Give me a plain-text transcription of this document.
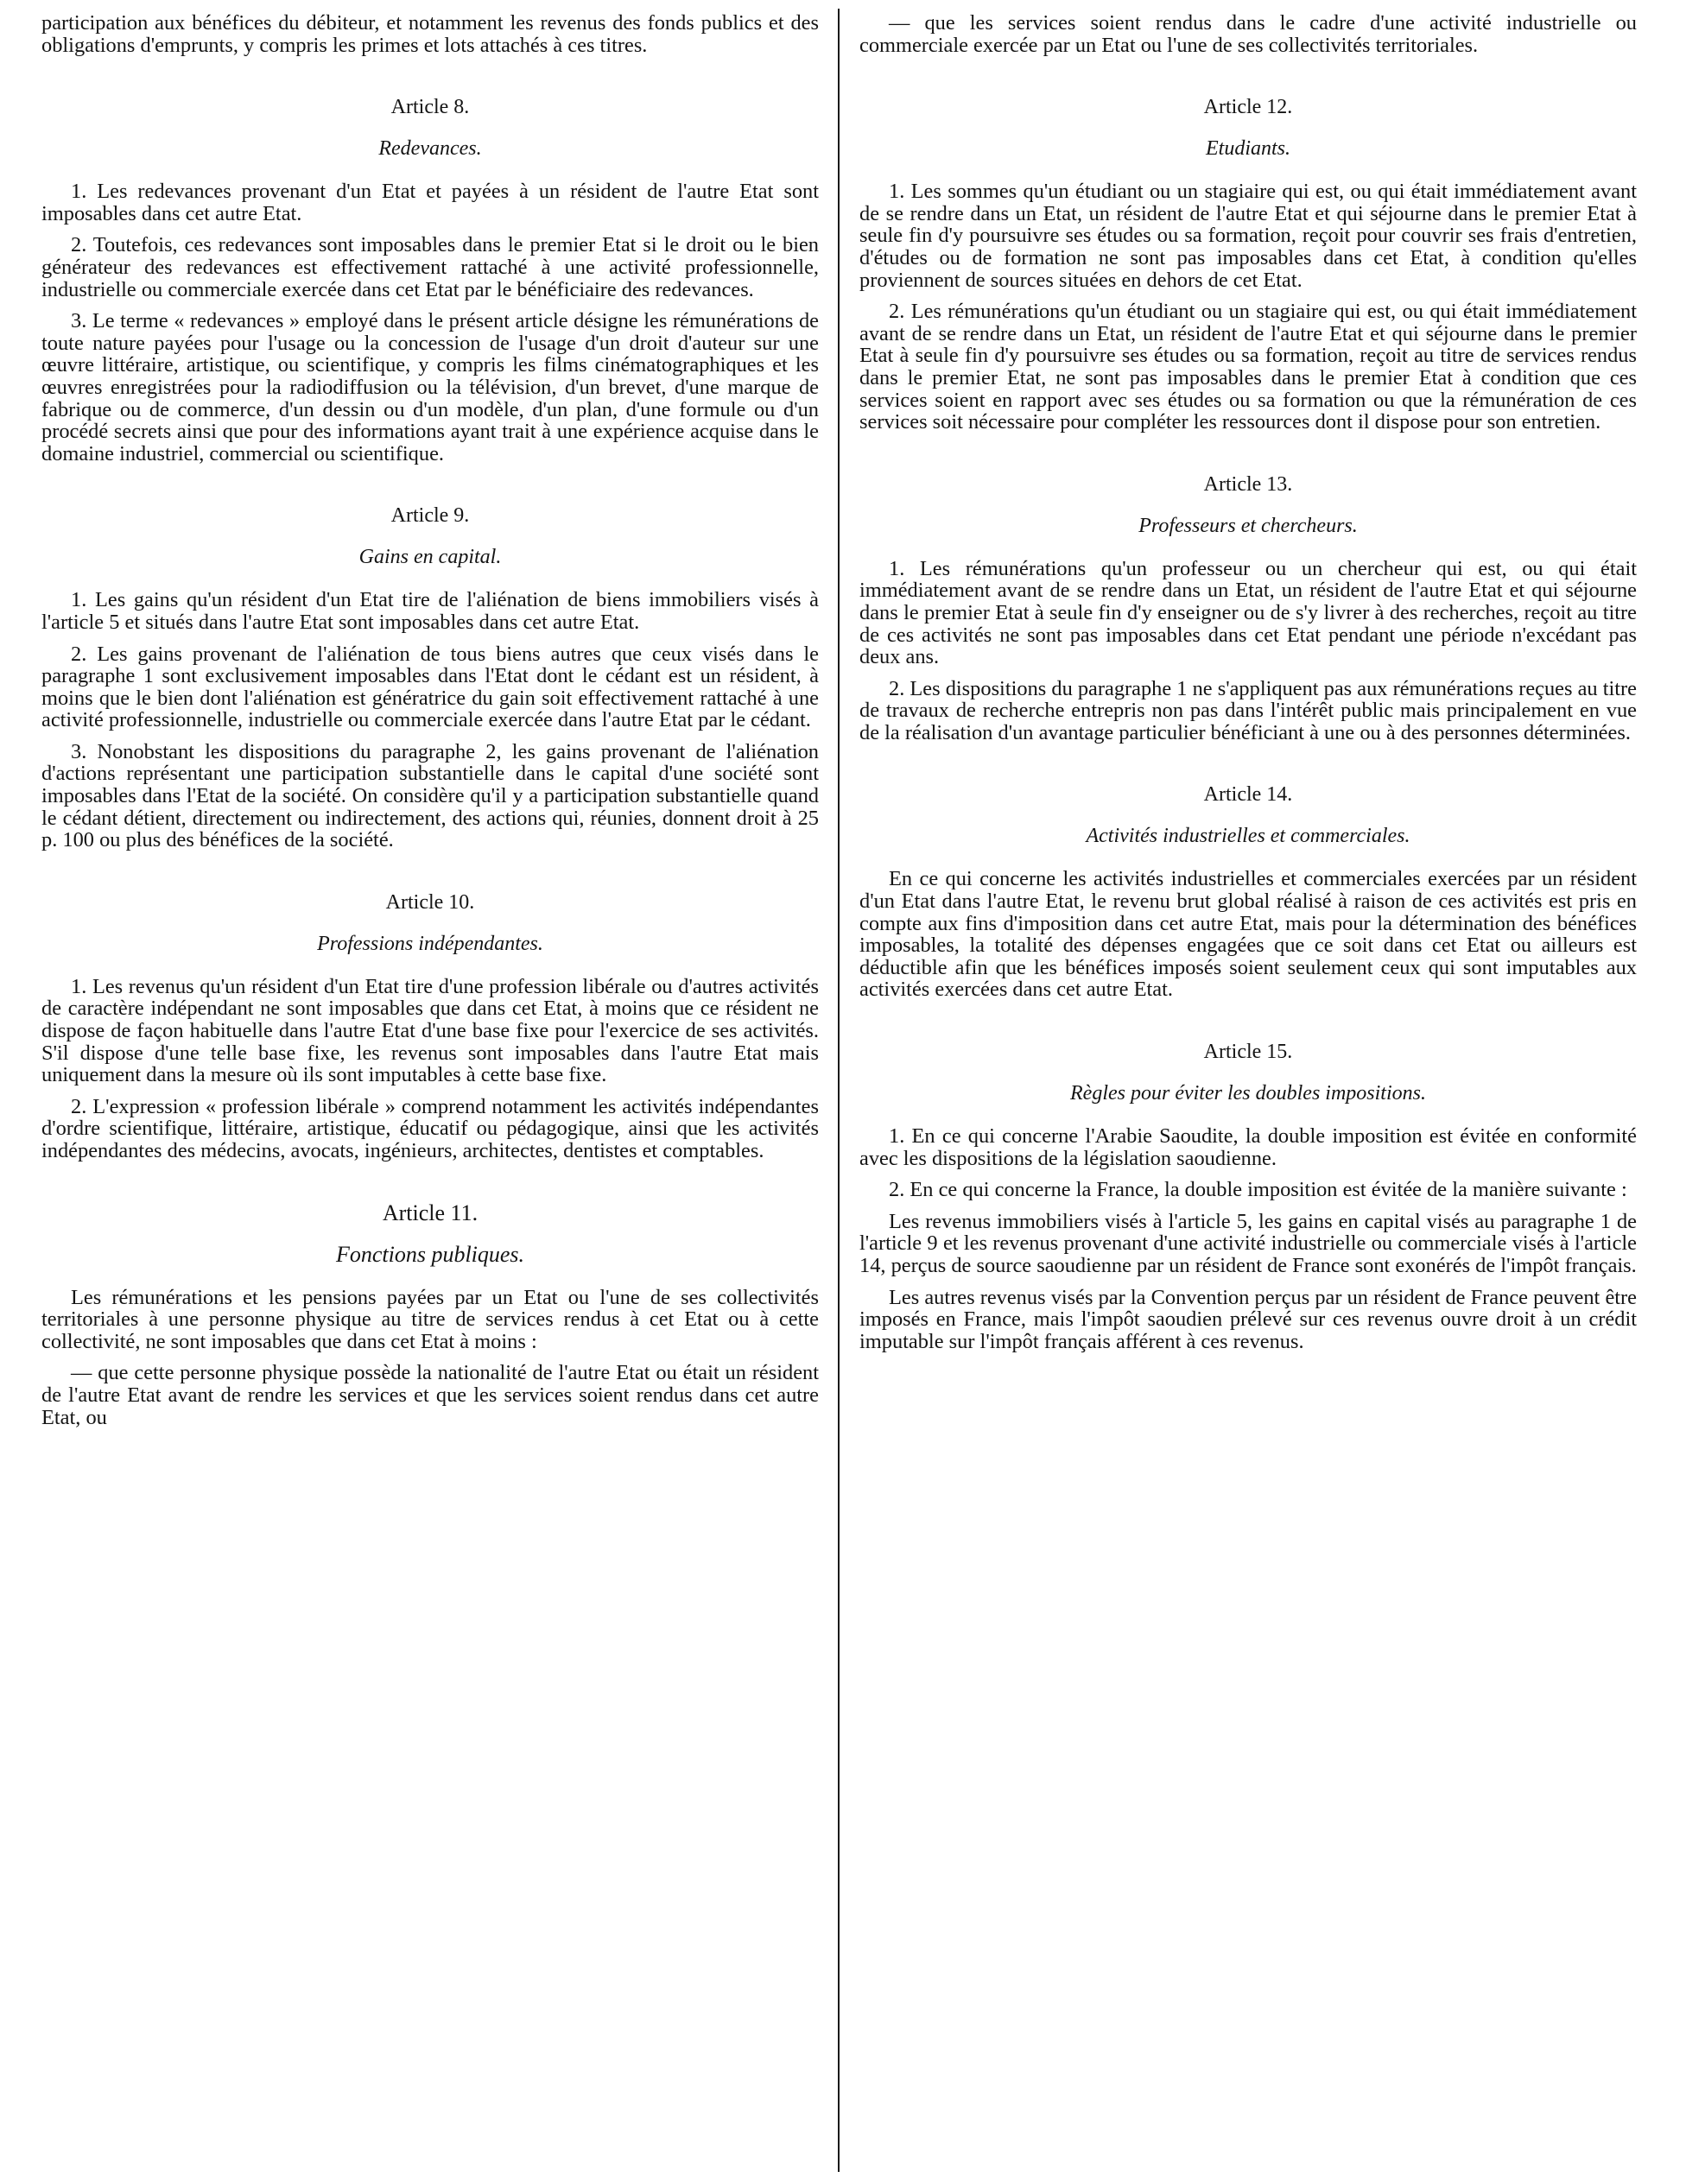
participation aux bénéfices du débiteur, et notamment les revenus des fonds publics et des obligations d'emprunts, y compris les primes et lots attachés à ces titres.

Article 8.
Redevances.

1. Les redevances provenant d'un Etat et payées à un résident de l'autre Etat sont imposables dans cet autre Etat.

2. Toutefois, ces redevances sont imposables dans le premier Etat si le droit ou le bien générateur des redevances est effectivement rattaché à une activité professionnelle, industrielle ou commerciale exercée dans cet Etat par le bénéficiaire des redevances.

3. Le terme « redevances » employé dans le présent article désigne les rémunérations de toute nature payées pour l'usage ou la concession de l'usage d'un droit d'auteur sur une œuvre littéraire, artistique, ou scientifique, y compris les films cinématographiques et les œuvres enregistrées pour la radiodiffusion ou la télévision, d'un brevet, d'une marque de fabrique ou de commerce, d'un dessin ou d'un modèle, d'un plan, d'une formule ou d'un procédé secrets ainsi que pour des informations ayant trait à une expérience acquise dans le domaine industriel, commercial ou scientifique.

Article 9.
Gains en capital.

1. Les gains qu'un résident d'un Etat tire de l'aliénation de biens immobiliers visés à l'article 5 et situés dans l'autre Etat sont imposables dans cet autre Etat.

2. Les gains provenant de l'aliénation de tous biens autres que ceux visés dans le paragraphe 1 sont exclusivement imposables dans l'Etat dont le cédant est un résident, à moins que le bien dont l'aliénation est génératrice du gain soit effectivement rattaché à une activité professionnelle, industrielle ou commerciale exercée dans l'autre Etat par le cédant.

3. Nonobstant les dispositions du paragraphe 2, les gains provenant de l'aliénation d'actions représentant une participation substantielle dans le capital d'une société sont imposables dans l'Etat de la société. On considère qu'il y a participation substantielle quand le cédant détient, directement ou indirectement, des actions qui, réunies, donnent droit à 25 p. 100 ou plus des bénéfices de la société.

Article 10.
Professions indépendantes.

1. Les revenus qu'un résident d'un Etat tire d'une profession libérale ou d'autres activités de caractère indépendant ne sont imposables que dans cet Etat, à moins que ce résident ne dispose de façon habituelle dans l'autre Etat d'une base fixe pour l'exercice de ses activités. S'il dispose d'une telle base fixe, les revenus sont imposables dans l'autre Etat mais uniquement dans la mesure où ils sont imputables à cette base fixe.

2. L'expression « profession libérale » comprend notamment les activités indépendantes d'ordre scientifique, littéraire, artistique, éducatif ou pédagogique, ainsi que les activités indépendantes des médecins, avocats, ingénieurs, architectes, dentistes et comptables.

Article 11.
Fonctions publiques.

Les rémunérations et les pensions payées par un Etat ou l'une de ses collectivités territoriales à une personne physique au titre de services rendus à cet Etat ou à cette collectivité, ne sont imposables que dans cet Etat à moins :

— que cette personne physique possède la nationalité de l'autre Etat ou était un résident de l'autre Etat avant de rendre les services et que les services soient rendus dans cet autre Etat, ou

— que les services soient rendus dans le cadre d'une activité industrielle ou commerciale exercée par un Etat ou l'une de ses collectivités territoriales.

Article 12.
Etudiants.

1. Les sommes qu'un étudiant ou un stagiaire qui est, ou qui était immédiatement avant de se rendre dans un Etat, un résident de l'autre Etat et qui séjourne dans le premier Etat à seule fin d'y poursuivre ses études ou sa formation, reçoit pour couvrir ses frais d'entretien, d'études ou de formation ne sont pas imposables dans cet Etat, à condition qu'elles proviennent de sources situées en dehors de cet Etat.

2. Les rémunérations qu'un étudiant ou un stagiaire qui est, ou qui était immédiatement avant de se rendre dans un Etat, un résident de l'autre Etat et qui séjourne dans le premier Etat à seule fin d'y poursuivre ses études ou sa formation, reçoit au titre de services rendus dans le premier Etat, ne sont pas imposables dans le premier Etat à condition que ces services soient en rapport avec ses études ou sa formation ou que la rémunération de ces services soit nécessaire pour compléter les ressources dont il dispose pour son entretien.

Article 13.
Professeurs et chercheurs.

1. Les rémunérations qu'un professeur ou un chercheur qui est, ou qui était immédiatement avant de se rendre dans un Etat, un résident de l'autre Etat et qui séjourne dans le premier Etat à seule fin d'y enseigner ou de s'y livrer à des recherches, reçoit au titre de ces activités ne sont pas imposables dans cet Etat pendant une période n'excédant pas deux ans.

2. Les dispositions du paragraphe 1 ne s'appliquent pas aux rémunérations reçues au titre de travaux de recherche entrepris non pas dans l'intérêt public mais principalement en vue de la réalisation d'un avantage particulier bénéficiant à une ou à des personnes déterminées.

Article 14.
Activités industrielles et commerciales.

En ce qui concerne les activités industrielles et commerciales exercées par un résident d'un Etat dans l'autre Etat, le revenu brut global réalisé à raison de ces activités est pris en compte aux fins d'imposition dans cet autre Etat, mais pour la détermination des bénéfices imposables, la totalité des dépenses engagées que ce soit dans cet Etat ou ailleurs est déductible afin que les bénéfices imposés soient seulement ceux qui sont imputables aux activités exercées dans cet autre Etat.

Article 15.
Règles pour éviter les doubles impositions.

1. En ce qui concerne l'Arabie Saoudite, la double imposition est évitée en conformité avec les dispositions de la législation saoudienne.

2. En ce qui concerne la France, la double imposition est évitée de la manière suivante :

Les revenus immobiliers visés à l'article 5, les gains en capital visés au paragraphe 1 de l'article 9 et les revenus provenant d'une activité industrielle ou commerciale visés à l'article 14, perçus de source saoudienne par un résident de France sont exonérés de l'impôt français.

Les autres revenus visés par la Convention perçus par un résident de France peuvent être imposés en France, mais l'impôt saoudien prélevé sur ces revenus ouvre droit à un crédit imputable sur l'impôt français afférent à ces revenus.
